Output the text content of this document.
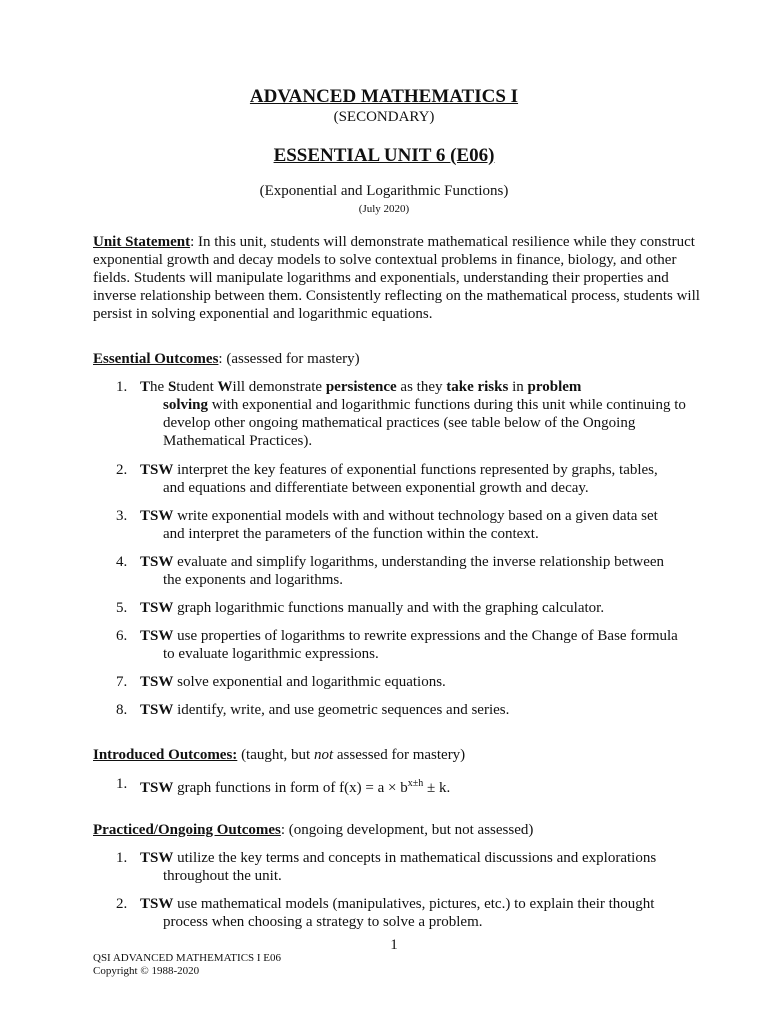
ADVANCED MATHEMATICS I
(SECONDARY)
ESSENTIAL UNIT 6 (E06)
(Exponential and Logarithmic Functions)
(July 2020)
Unit Statement: In this unit, students will demonstrate mathematical resilience while they construct exponential growth and decay models to solve contextual problems in finance, biology, and other fields. Students will manipulate logarithms and exponentials, understanding their properties and inverse relationship between them. Consistently reflecting on the mathematical process, students will persist in solving exponential and logarithmic equations.
Essential Outcomes: (assessed for mastery)
1. The Student Will demonstrate persistence as they take risks in problem
solving with exponential and logarithmic functions during this unit while continuing to develop other ongoing mathematical practices (see table below of the Ongoing Mathematical Practices).
2. TSW interpret the key features of exponential functions represented by graphs, tables,
and equations and differentiate between exponential growth and decay.
3. TSW write exponential models with and without technology based on a given data set
and interpret the parameters of the function within the context.
4. TSW evaluate and simplify logarithms, understanding the inverse relationship between
the exponents and logarithms.
5. TSW graph logarithmic functions manually and with the graphing calculator.
6. TSW use properties of logarithms to rewrite expressions and the Change of Base formula
to evaluate logarithmic expressions.
7. TSW solve exponential and logarithmic equations.
8. TSW identify, write, and use geometric sequences and series.
Introduced Outcomes: (taught, but not assessed for mastery)
1. TSW graph functions in form of $f(x) = a \times b^{x\pm h} \pm k$.
Practiced/Ongoing Outcomes: (ongoing development, but not assessed)
1. TSW utilize the key terms and concepts in mathematical discussions and explorations
throughout the unit.
2. TSW use mathematical models (manipulatives, pictures, etc.) to explain their thought
process when choosing a strategy to solve a problem.
1
QSI ADVANCED MATHEMATICS I E06
Copyright © 1988-2020
